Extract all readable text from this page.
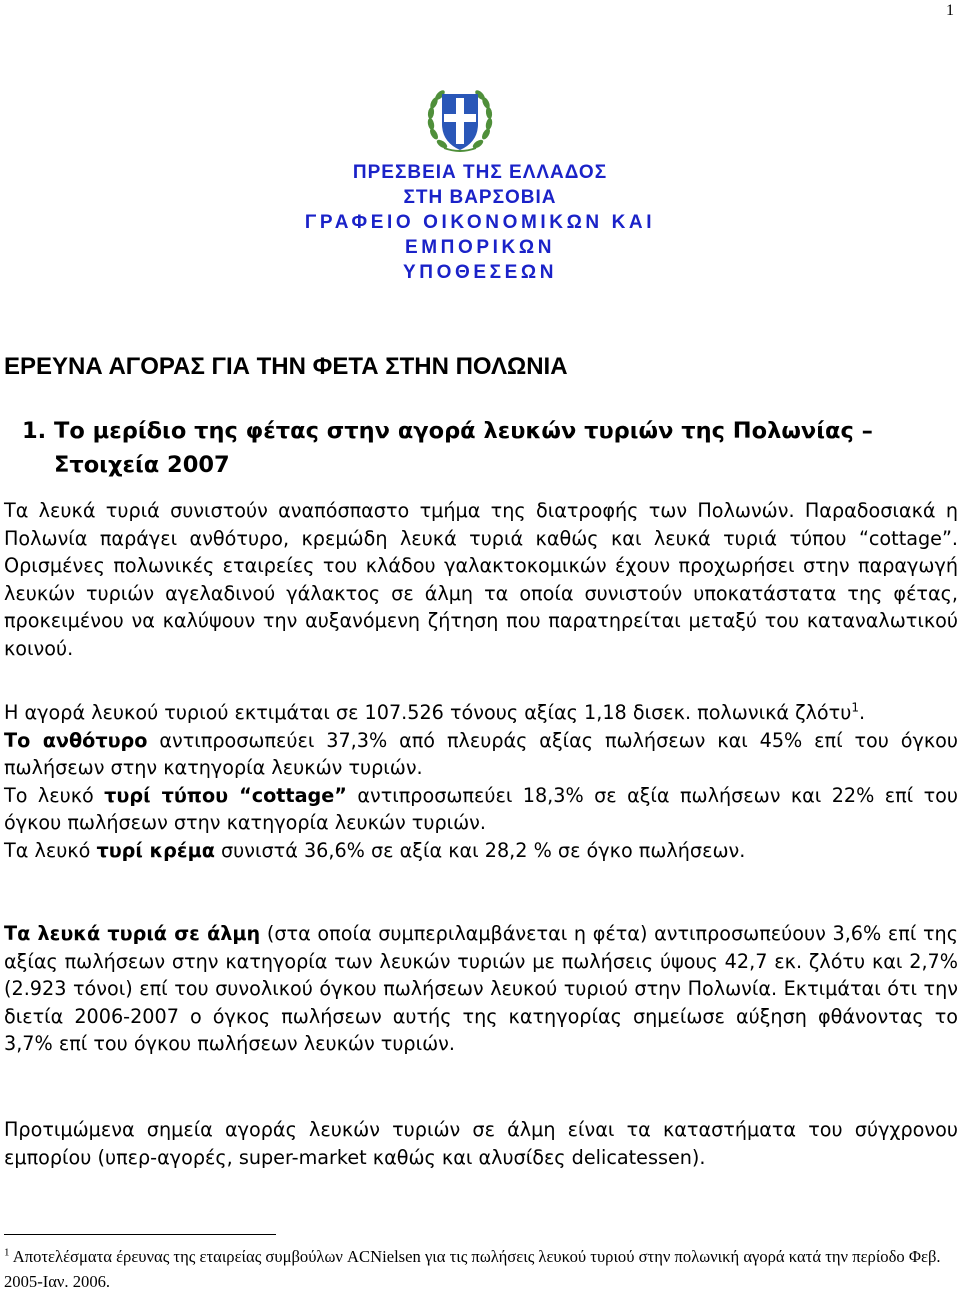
1
ΠΡΕΣΒΕΙΑ ΤΗΣ ΕΛΛΑΔΟΣ
ΣΤΗ ΒΑΡΣΟΒΙΑ
ΓΡΑΦΕΙΟ ΟΙΚΟΝΟΜΙΚΩΝ ΚΑΙ
ΕΜΠΟΡΙΚΩΝ
ΥΠΟΘΕΣΕΩΝ
ΕΡΕΥΝΑ ΑΓΟΡΑΣ ΓΙΑ ΤΗΝ ΦΕΤΑ ΣΤΗΝ ΠΟΛΩΝΙΑ
1. Το μερίδιο της φέτας στην αγορά λευκών τυριών της Πολωνίας – Στοιχεία 2007

Τα λευκά τυριά συνιστούν αναπόσπαστο τμήμα της διατροφής των Πολωνών. Παραδοσιακά η Πολωνία παράγει ανθότυρο, κρεμώδη λευκά τυριά καθώς και λευκά τυριά τύπου “cottage”. Ορισμένες πολωνικές εταιρείες του κλάδου γαλακτοκομικών έχουν προχωρήσει στην παραγωγή λευκών τυριών αγελαδινού γάλακτος σε άλμη τα οποία συνιστούν υποκατάστατα της φέτας, προκειμένου να καλύψουν την αυξανόμενη ζήτηση που παρατηρείται μεταξύ του καταναλωτικού κοινού.

Η αγορά λευκού τυριού εκτιμάται σε 107.526 τόνους αξίας 1,18 δισεκ. πολωνικά ζλότυ$^1$.
Το ανθότυρο αντιπροσωπεύει 37,3% από πλευράς αξίας πωλήσεων και 45% επί του όγκου πωλήσεων στην κατηγορία λευκών τυριών.
Το λευκό τυρί τύπου “cottage” αντιπροσωπεύει 18,3% σε αξία πωλήσεων και 22% επί του όγκου πωλήσεων στην κατηγορία λευκών τυριών.
Τα λευκό τυρί κρέμα συνιστά 36,6% σε αξία και 28,2 % σε όγκο πωλήσεων.

Τα λευκά τυριά σε άλμη (στα οποία συμπεριλαμβάνεται η φέτα) αντιπροσωπεύουν 3,6% επί της αξίας πωλήσεων στην κατηγορία των λευκών τυριών με πωλήσεις ύψους 42,7 εκ. ζλότυ και 2,7% (2.923 τόνοι) επί του συνολικού όγκου πωλήσεων λευκού τυριού στην Πολωνία. Εκτιμάται ότι την διετία 2006-2007 ο όγκος πωλήσεων αυτής της κατηγορίας σημείωσε αύξηση φθάνοντας το 3,7% επί του όγκου πωλήσεων λευκών τυριών.

Προτιμώμενα σημεία αγοράς λευκών τυριών σε άλμη είναι τα καταστήματα του σύγχρονου εμπορίου (υπερ-αγορές, super-market καθώς και αλυσίδες delicatessen).

$^1$ Αποτελέσματα έρευνας της εταιρείας συμβούλων ACNielsen για τις πωλήσεις λευκού τυριού στην πολωνική αγορά κατά την περίοδο Φεβ. 2005-Ιαν. 2006.
